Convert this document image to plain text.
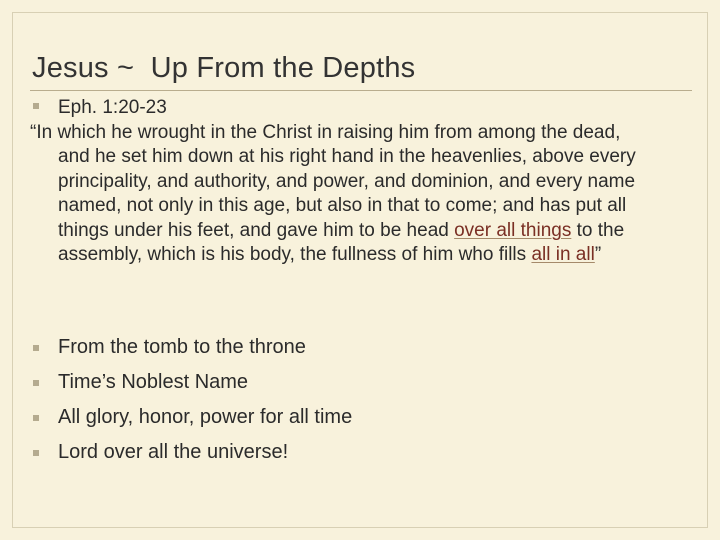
Jesus ~  Up From the Depths
Eph. 1:20-23
“In which he wrought in the Christ in raising him from among the dead,
and he set him down at his right hand in the heavenlies, above every
principality, and authority, and power, and dominion, and every name
named, not only in this age, but also in that to come; and has put all
things under his feet, and gave him to be head over all things to the
assembly, which is his body, the fullness of him who fills all in all”
From the tomb to the throne
Time’s Noblest Name
All glory, honor, power for all time
Lord over all the universe!
